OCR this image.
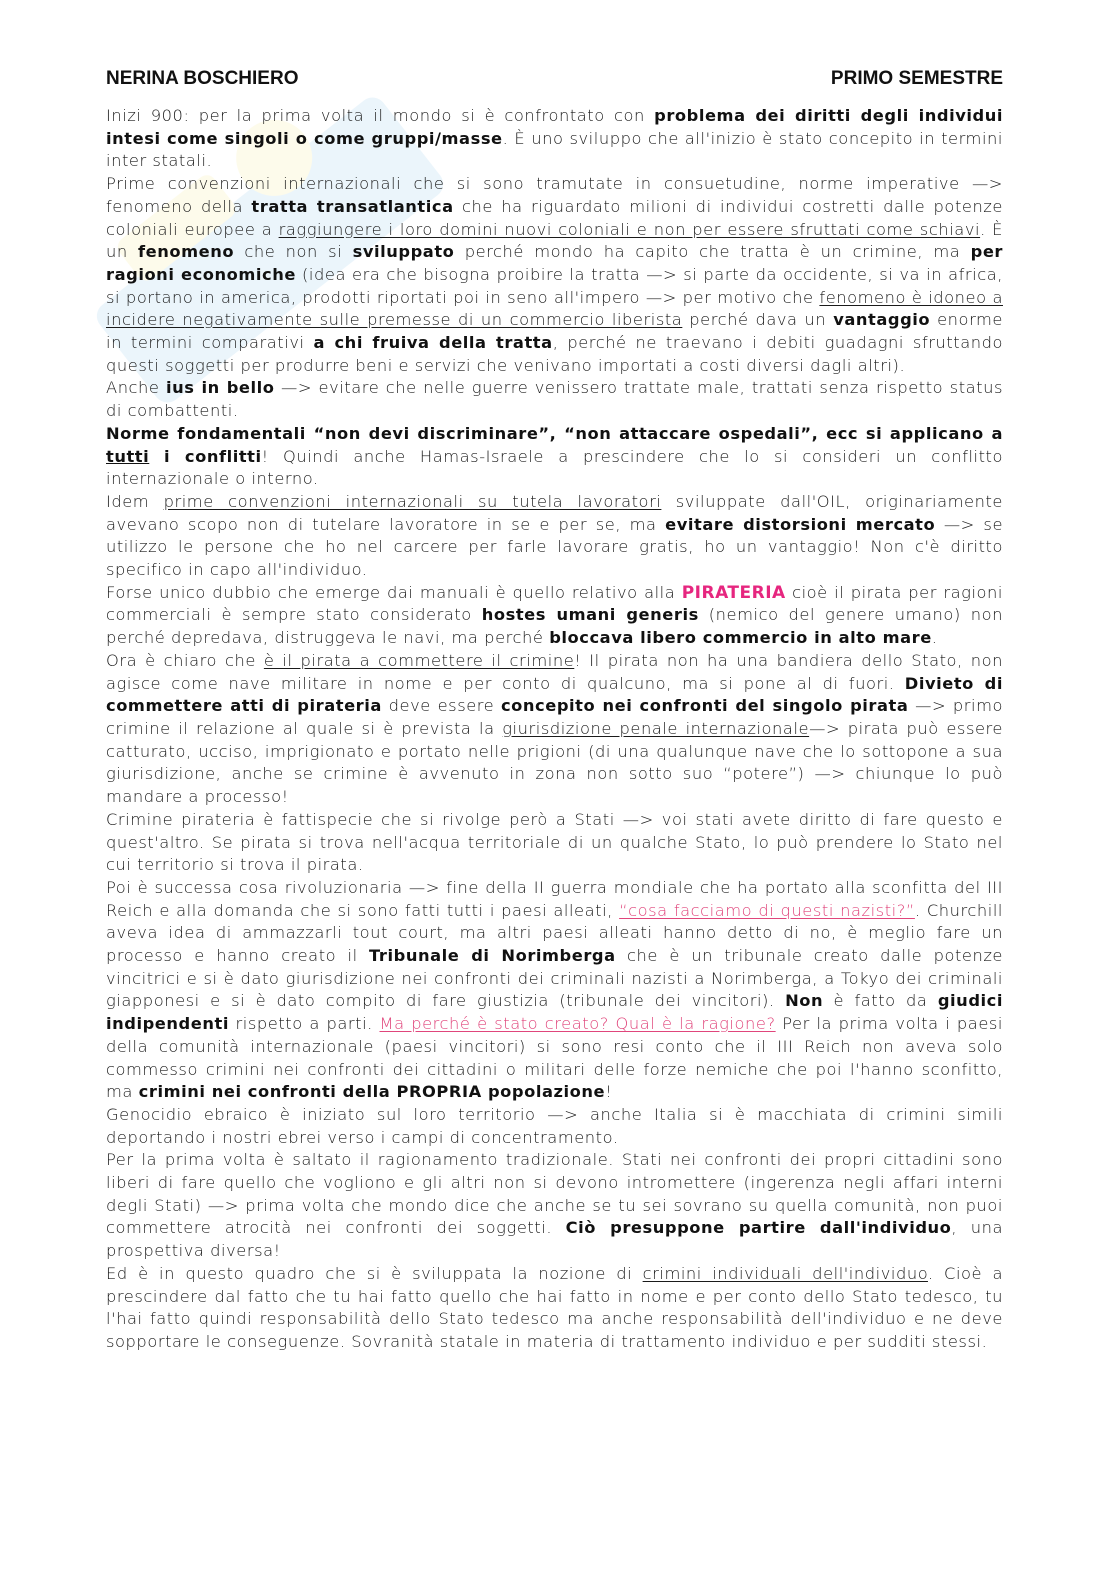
NERINA BOSCHIERO	PRIMO SEMESTRE

Inizi 900: per la prima volta il mondo si è confrontato con problema dei diritti degli individui intesi come singoli o come gruppi/masse. È uno sviluppo che all'inizio è stato concepito in termini inter statali.

Prime convenzioni internazionali che si sono tramutate in consuetudine, norme imperative —> fenomeno della tratta transatlantica che ha riguardato milioni di individui costretti dalle potenze coloniali europee a raggiungere i loro domini nuovi coloniali e non per essere sfruttati come schiavi. È un fenomeno che non si sviluppato perché mondo ha capito che tratta è un crimine, ma per ragioni economiche (idea era che bisogna proibire la tratta —> si parte da occidente, si va in africa, si portano in america, prodotti riportati poi in seno all'impero —> per motivo che fenomeno è idoneo a incidere negativamente sulle premesse di un commercio liberista perché dava un vantaggio enorme in termini comparativi a chi fruiva della tratta, perché ne traevano i debiti guadagni sfruttando questi soggetti per produrre beni e servizi che venivano importati a costi diversi dagli altri).

Anche ius in bello —> evitare che nelle guerre venissero trattate male, trattati senza rispetto status di combattenti.

Norme fondamentali “non devi discriminare”, “non attaccare ospedali”, ecc si applicano a tutti i conflitti! Quindi anche Hamas-Israele a prescindere che lo si consideri un conflitto internazionale o interno.

Idem prime convenzioni internazionali su tutela lavoratori sviluppate dall'OIL, originariamente avevano scopo non di tutelare lavoratore in se e per se, ma evitare distorsioni mercato —> se utilizzo le persone che ho nel carcere per farle lavorare gratis, ho un vantaggio! Non c'è diritto specifico in capo all'individuo.

Forse unico dubbio che emerge dai manuali è quello relativo alla PIRATERIA cioè il pirata per ragioni commerciali è sempre stato considerato hostes umani generis (nemico del genere umano) non perché depredava, distruggeva le navi, ma perché bloccava libero commercio in alto mare.

Ora è chiaro che è il pirata a commettere il crimine! Il pirata non ha una bandiera dello Stato, non agisce come nave militare in nome e per conto di qualcuno, ma si pone al di fuori. Divieto di commettere atti di pirateria deve essere concepito nei confronti del singolo pirata —> primo crimine il relazione al quale si è prevista la giurisdizione penale internazionale—> pirata può essere catturato, ucciso, imprigionato e portato nelle prigioni (di una qualunque nave che lo sottopone a sua giurisdizione, anche se crimine è avvenuto in zona non sotto suo “potere”) —> chiunque lo può mandare a processo!

Crimine pirateria è fattispecie che si rivolge però a Stati —> voi stati avete diritto di fare questo e quest'altro. Se pirata si trova nell'acqua territoriale di un qualche Stato, lo può prendere lo Stato nel cui territorio si trova il pirata.

Poi è successa cosa rivoluzionaria —> fine della II guerra mondiale che ha portato alla sconfitta del III Reich e alla domanda che si sono fatti tutti i paesi alleati, “cosa facciamo di questi nazisti?”. Churchill aveva idea di ammazzarli tout court, ma altri paesi alleati hanno detto di no, è meglio fare un processo e hanno creato il Tribunale di Norimberga che è un tribunale creato dalle potenze vincitrici e si è dato giurisdizione nei confronti dei criminali nazisti a Norimberga, a Tokyo dei criminali giapponesi e si è dato compito di fare giustizia (tribunale dei vincitori). Non è fatto da giudici indipendenti rispetto a parti. Ma perché è stato creato? Qual è la ragione? Per la prima volta i paesi della comunità internazionale (paesi vincitori) si sono resi conto che il III Reich non aveva solo commesso crimini nei confronti dei cittadini o militari delle forze nemiche che poi l'hanno sconfitto, ma crimini nei confronti della PROPRIA popolazione!

Genocidio ebraico è iniziato sul loro territorio —> anche Italia si è macchiata di crimini simili deportando i nostri ebrei verso i campi di concentramento.

Per la prima volta è saltato il ragionamento tradizionale. Stati nei confronti dei propri cittadini sono liberi di fare quello che vogliono e gli altri non si devono intromettere (ingerenza negli affari interni degli Stati) —> prima volta che mondo dice che anche se tu sei sovrano su quella comunità, non puoi commettere atrocità nei confronti dei soggetti. Ciò presuppone partire dall'individuo, una prospettiva diversa!

Ed è in questo quadro che si è sviluppata la nozione di crimini individuali dell'individuo. Cioè a prescindere dal fatto che tu hai fatto quello che hai fatto in nome e per conto dello Stato tedesco, tu l'hai fatto quindi responsabilità dello Stato tedesco ma anche responsabilità dell'individuo e ne deve sopportare le conseguenze. Sovranità statale in materia di trattamento individuo e per sudditi stessi.
